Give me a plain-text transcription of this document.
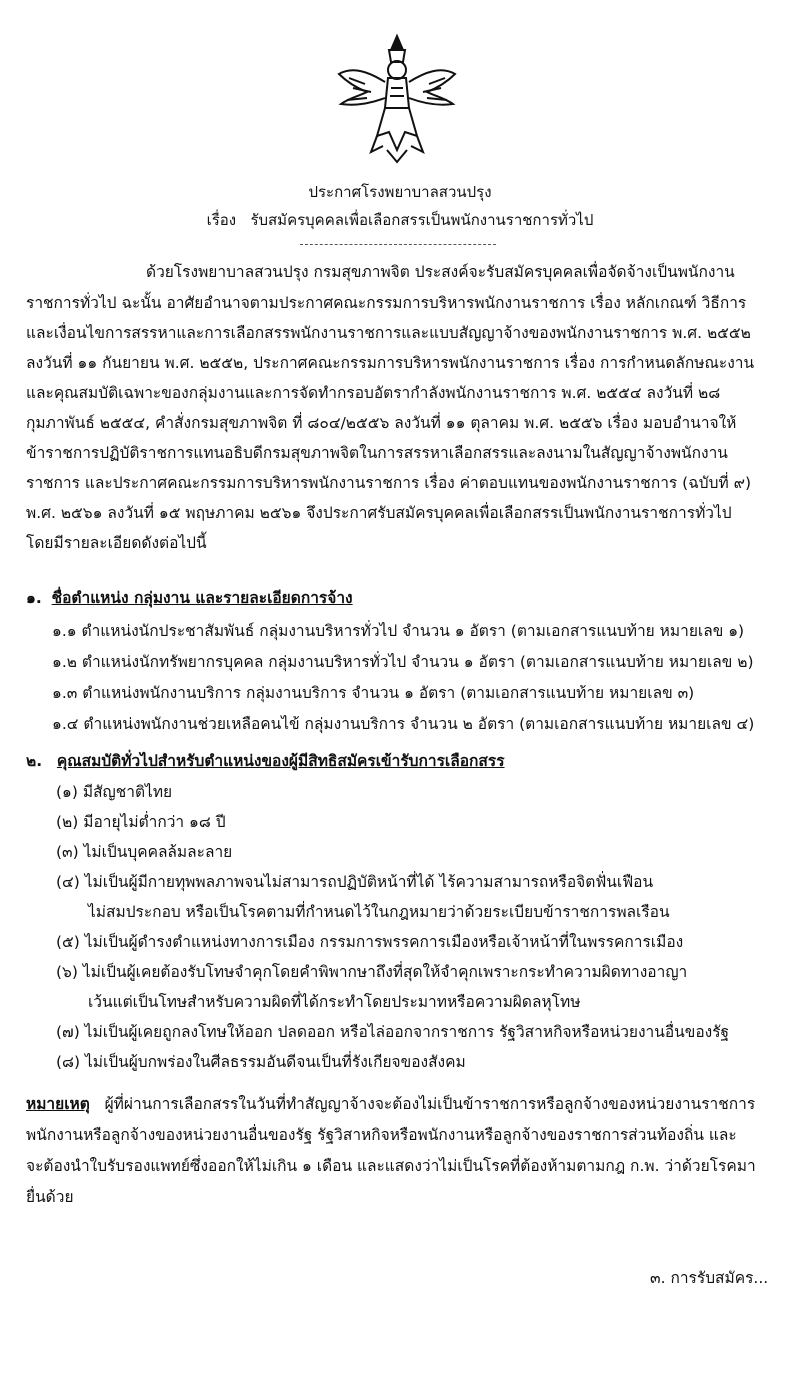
ประกาศโรงพยาบาลสวนปรุง
เรื่อง รับสมัครบุคคลเพื่อเลือกสรรเป็นพนักงานราชการทั่วไป
ด้วยโรงพยาบาลสวนปรุง กรมสุขภาพจิต ประสงค์จะรับสมัครบุคคลเพื่อจัดจ้างเป็นพนักงาน
ราชการทั่วไป ฉะนั้น อาศัยอำนาจตามประกาศคณะกรรมการบริหารพนักงานราชการ เรื่อง หลักเกณฑ์ วิธีการ
และเงื่อนไขการสรรหาและการเลือกสรรพนักงานราชการและแบบสัญญาจ้างของพนักงานราชการ พ.ศ. ๒๕๕๒
ลงวันที่ ๑๑ กันยายน พ.ศ. ๒๕๕๒, ประกาศคณะกรรมการบริหารพนักงานราชการ เรื่อง การกำหนดลักษณะงาน
และคุณสมบัติเฉพาะของกลุ่มงานและการจัดทำกรอบอัตรากำลังพนักงานราชการ พ.ศ. ๒๕๕๔ ลงวันที่ ๒๘
กุมภาพันธ์ ๒๕๕๔, คำสั่งกรมสุขภาพจิต ที่ ๘๐๔/๒๕๕๖ ลงวันที่ ๑๑ ตุลาคม พ.ศ. ๒๕๕๖ เรื่อง มอบอำนาจให้
ข้าราชการปฏิบัติราชการแทนอธิบดีกรมสุขภาพจิตในการสรรหาเลือกสรรและลงนามในสัญญาจ้างพนักงาน
ราชการ และประกาศคณะกรรมการบริหารพนักงานราชการ เรื่อง ค่าตอบแทนของพนักงานราชการ (ฉบับที่ ๙)
พ.ศ. ๒๕๖๑ ลงวันที่ ๑๕ พฤษภาคม ๒๕๖๑ จึงประกาศรับสมัครบุคคลเพื่อเลือกสรรเป็นพนักงานราชการทั่วไป
โดยมีรายละเอียดดังต่อไปนี้
๑. ชื่อตำแหน่ง กลุ่มงาน และรายละเอียดการจ้าง
๑.๑ ตำแหน่งนักประชาสัมพันธ์ กลุ่มงานบริหารทั่วไป จำนวน ๑ อัตรา (ตามเอกสารแนบท้าย หมายเลข ๑)
๑.๒ ตำแหน่งนักทรัพยากรบุคคล กลุ่มงานบริหารทั่วไป จำนวน ๑ อัตรา (ตามเอกสารแนบท้าย หมายเลข ๒)
๑.๓ ตำแหน่งพนักงานบริการ กลุ่มงานบริการ จำนวน ๑ อัตรา (ตามเอกสารแนบท้าย หมายเลข ๓)
๑.๔ ตำแหน่งพนักงานช่วยเหลือคนไข้ กลุ่มงานบริการ จำนวน ๒ อัตรา (ตามเอกสารแนบท้าย หมายเลข ๔)
๒. คุณสมบัติทั่วไปสำหรับตำแหน่งของผู้มีสิทธิสมัครเข้ารับการเลือกสรร
(๑) มีสัญชาติไทย
(๒) มีอายุไม่ต่ำกว่า ๑๘ ปี
(๓) ไม่เป็นบุคคลล้มละลาย
(๔) ไม่เป็นผู้มีกายทุพพลภาพจนไม่สามารถปฏิบัติหน้าที่ได้ ไร้ความสามารถหรือจิตฟั่นเฟือน
ไม่สมประกอบ หรือเป็นโรคตามที่กำหนดไว้ในกฎหมายว่าด้วยระเบียบข้าราชการพลเรือน
(๕) ไม่เป็นผู้ดำรงตำแหน่งทางการเมือง กรรมการพรรคการเมืองหรือเจ้าหน้าที่ในพรรคการเมือง
(๖) ไม่เป็นผู้เคยต้องรับโทษจำคุกโดยคำพิพากษาถึงที่สุดให้จำคุกเพราะกระทำความผิดทางอาญา
เว้นแต่เป็นโทษสำหรับความผิดที่ได้กระทำโดยประมาทหรือความผิดลหุโทษ
(๗) ไม่เป็นผู้เคยถูกลงโทษให้ออก ปลดออก หรือไล่ออกจากราชการ รัฐวิสาหกิจหรือหน่วยงานอื่นของรัฐ
(๘) ไม่เป็นผู้บกพร่องในศีลธรรมอันดีจนเป็นที่รังเกียจของสังคม
หมายเหตุ ผู้ที่ผ่านการเลือกสรรในวันที่ทำสัญญาจ้างจะต้องไม่เป็นข้าราชการหรือลูกจ้างของหน่วยงานราชการ
พนักงานหรือลูกจ้างของหน่วยงานอื่นของรัฐ รัฐวิสาหกิจหรือพนักงานหรือลูกจ้างของราชการส่วนท้องถิ่น และ
จะต้องนำใบรับรองแพทย์ซึ่งออกให้ไม่เกิน ๑ เดือน และแสดงว่าไม่เป็นโรคที่ต้องห้ามตามกฎ ก.พ. ว่าด้วยโรคมา
ยื่นด้วย
๓. การรับสมัคร...
